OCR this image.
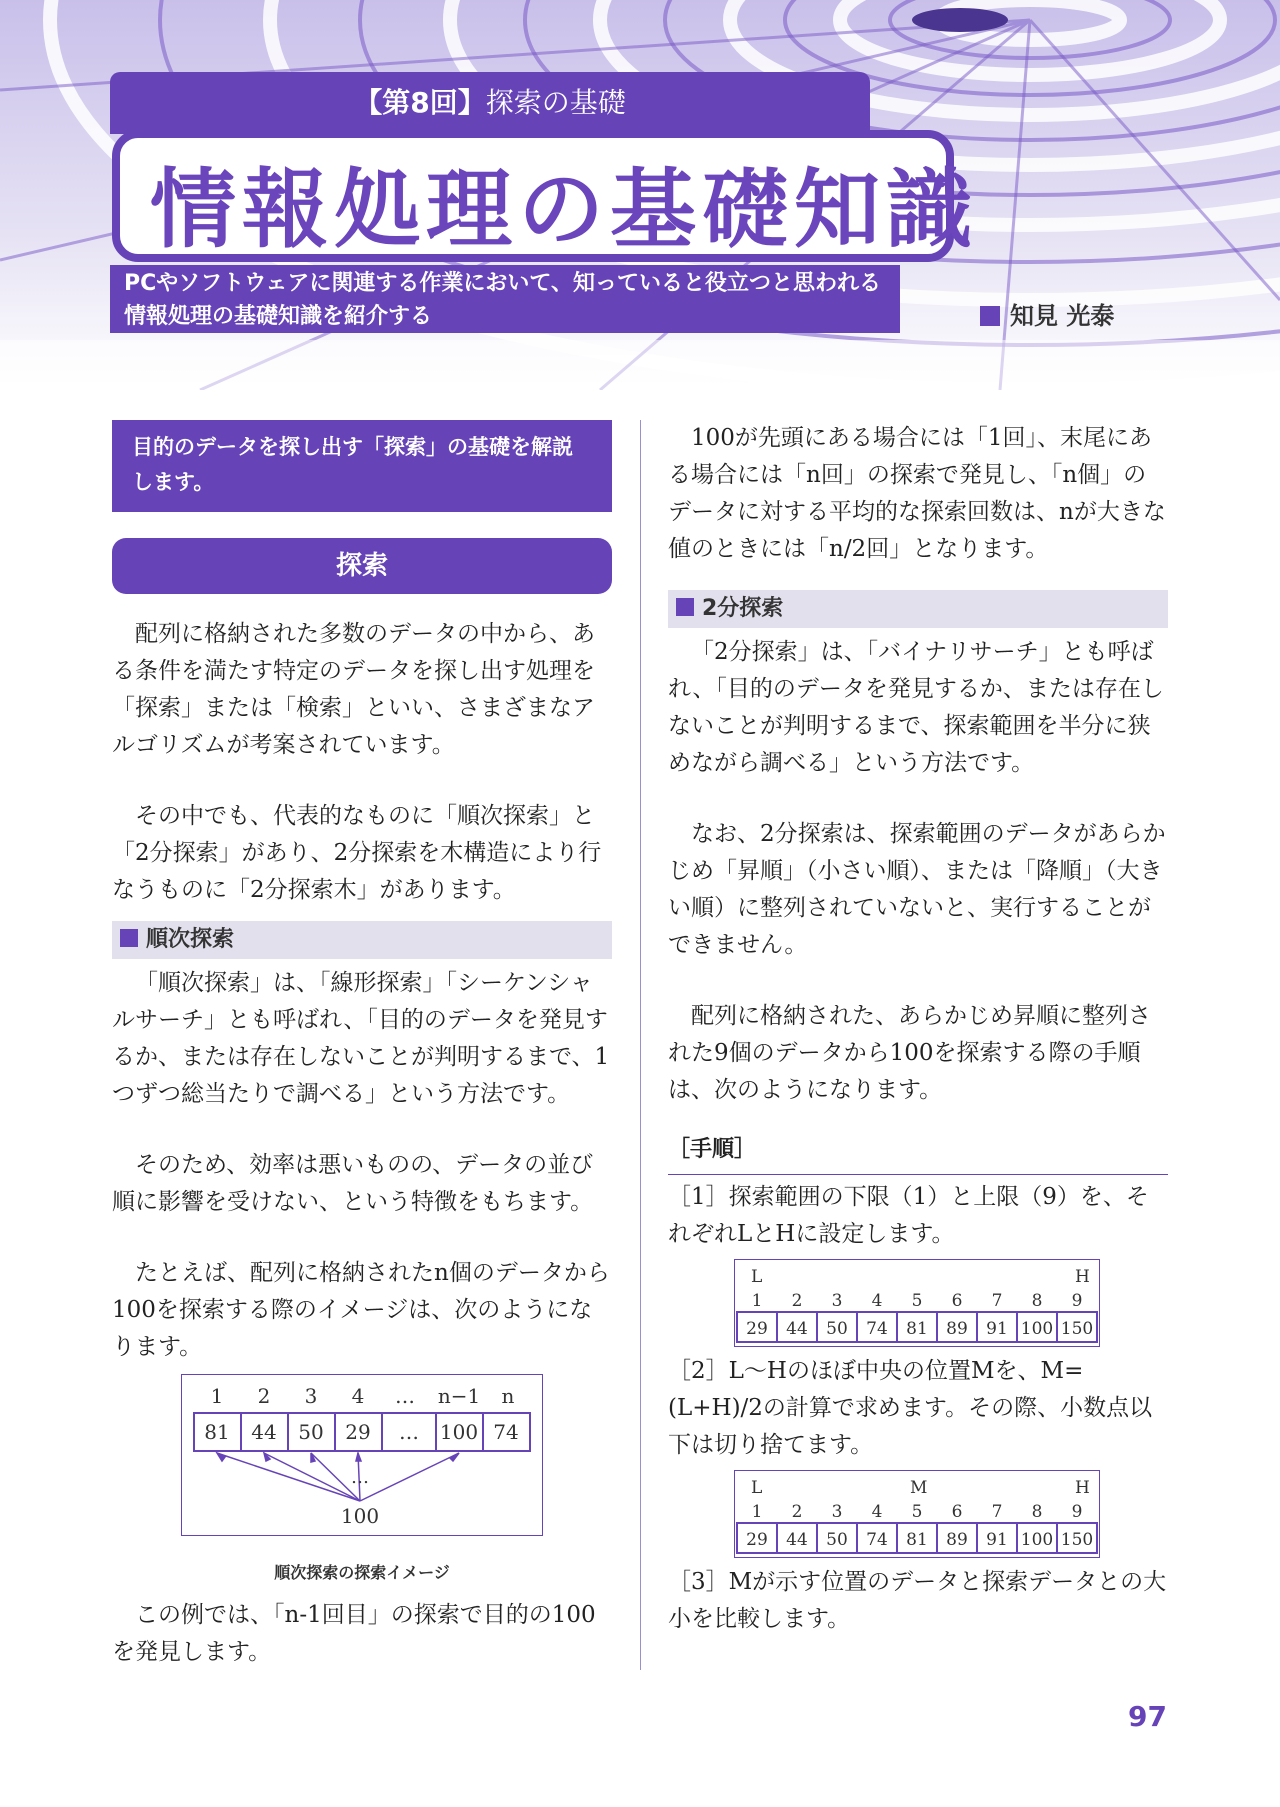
【第8回】探索の基礎
情報処理の基礎知識
PCやソフトウェアに関連する作業において、知っていると役立つと思われる
情報処理の基礎知識を紹介する	知見 光泰
目的のデータを探し出す「探索」の基礎を解説します。
探索

配列に格納された多数のデータの中から、ある条件を満たす特定のデータを探し出す処理を「探索」または「検索」といい、さまざまなアルゴリズムが考案されています。

その中でも、代表的なものに「順次探索」と「2分探索」があり、2分探索を木構造により行なうものに「2分探索木」があります。

順次探索

「順次探索」は、「線形探索」「シーケンシャルサーチ」とも呼ばれ、「目的のデータを発見するか、または存在しないことが判明するまで、1つずつ総当たりで調べる」という方法です。

そのため、効率は悪いものの、データの並び順に影響を受けない、という特徴をもちます。

たとえば、配列に格納されたn個のデータから100を探索する際のイメージは、次のようになります。

1 2 3 4 … n−1 n
81 44 50 29 … 100 74
…
100
順次探索の探索イメージ

この例では、「n-1回目」の探索で目的の100を発見します。

100が先頭にある場合には「1回」、末尾にある場合には「n回」の探索で発見し、「n個」のデータに対する平均的な探索回数は、nが大きな値のときには「n/2回」となります。

2分探索

「2分探索」は、「バイナリサーチ」とも呼ばれ、「目的のデータを発見するか、または存在しないことが判明するまで、探索範囲を半分に狭めながら調べる」という方法です。

なお、2分探索は、探索範囲のデータがあらかじめ「昇順」（小さい順）、または「降順」（大きい順）に整列されていないと、実行することができません。

配列に格納された、あらかじめ昇順に整列された9個のデータから100を探索する際の手順は、次のようになります。

［手順］

［1］探索範囲の下限（1）と上限（9）を、それぞれLとHに設定します。

L	H
1 2 3 4 5 6 7 8 9
29 44 50 74 81 89 91 100 150

［2］L〜Hのほぼ中央の位置Mを、M=(L+H)/2の計算で求めます。その際、小数点以下は切り捨てます。

L	M	H
1 2 3 4 5 6 7 8 9
29 44 50 74 81 89 91 100 150

［3］Mが示す位置のデータと探索データとの大小を比較します。

97
